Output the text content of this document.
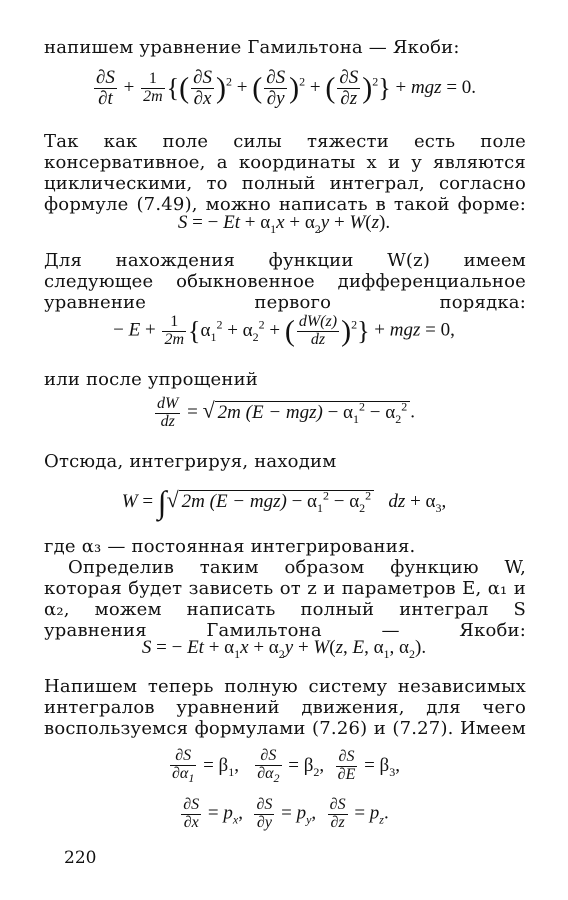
напишем уравнение Гамильтона — Якоби:
$\frac{\partial S}{\partial t} + \frac{1}{2m}$ {( $\frac{\partial S}{\partial x} )^2$ + ( $\frac{\partial S}{\partial y} )^2$ + ( $\frac{\partial S}{\partial z} )^2$} + mgz = 0.
Так как поле силы тяжести есть поле консервативное, а координаты x и y являются циклическими, то полный интеграл, согласно формуле (7.49), можно написать в такой форме:
S = − $Et + \alpha_1x + \alpha_2y + W(z)$.
Для нахождения функции W(z) имеем следующее обыкновенное дифференциальное уравнение первого порядка:
− $E + \frac{1}{2m} \{\alpha_1^2 + \alpha_2^2$ + ( $\frac{dW(z)}{dz} )^2$} + mgz = 0,
или после упрощений
$\frac{dW}{dz}$ = √ 2m $(E - mgz) - \alpha_1^2 - \alpha_2^2$ .
Отсюда, интегрируя, находим
W = ∫√ 2m $(E - mgz) - \alpha_1^2 - \alpha_2^2$ dz + $\alpha_3$,
где α₃ — постоянная интегрирования.
Определив таким образом функцию W, которая будет зависеть от z и параметров E, α₁ и α₂, можем написать полный интеграл S уравнения Гамильтона — Якоби:
S = − $Et + \alpha_1x + \alpha_2y + W(z$, E, $\alpha_1$, $\alpha_2$).
Напишем теперь полную систему независимых интегралов уравнений движения, для чего воспользуемся формулами (7.26) и (7.27). Имеем
$\frac{\partial S}{\partial\alpha_1} = \beta_1$, $\frac{\partial S}{\partial\alpha_2} = \beta_2$, $\frac{\partial S}{\partial E} = \beta_3$,
$\frac{\partial S}{\partial x} = p_x$, $\frac{\partial S}{\partial y} = p_y$, $\frac{\partial S}{\partial z} = p_z$.
220
